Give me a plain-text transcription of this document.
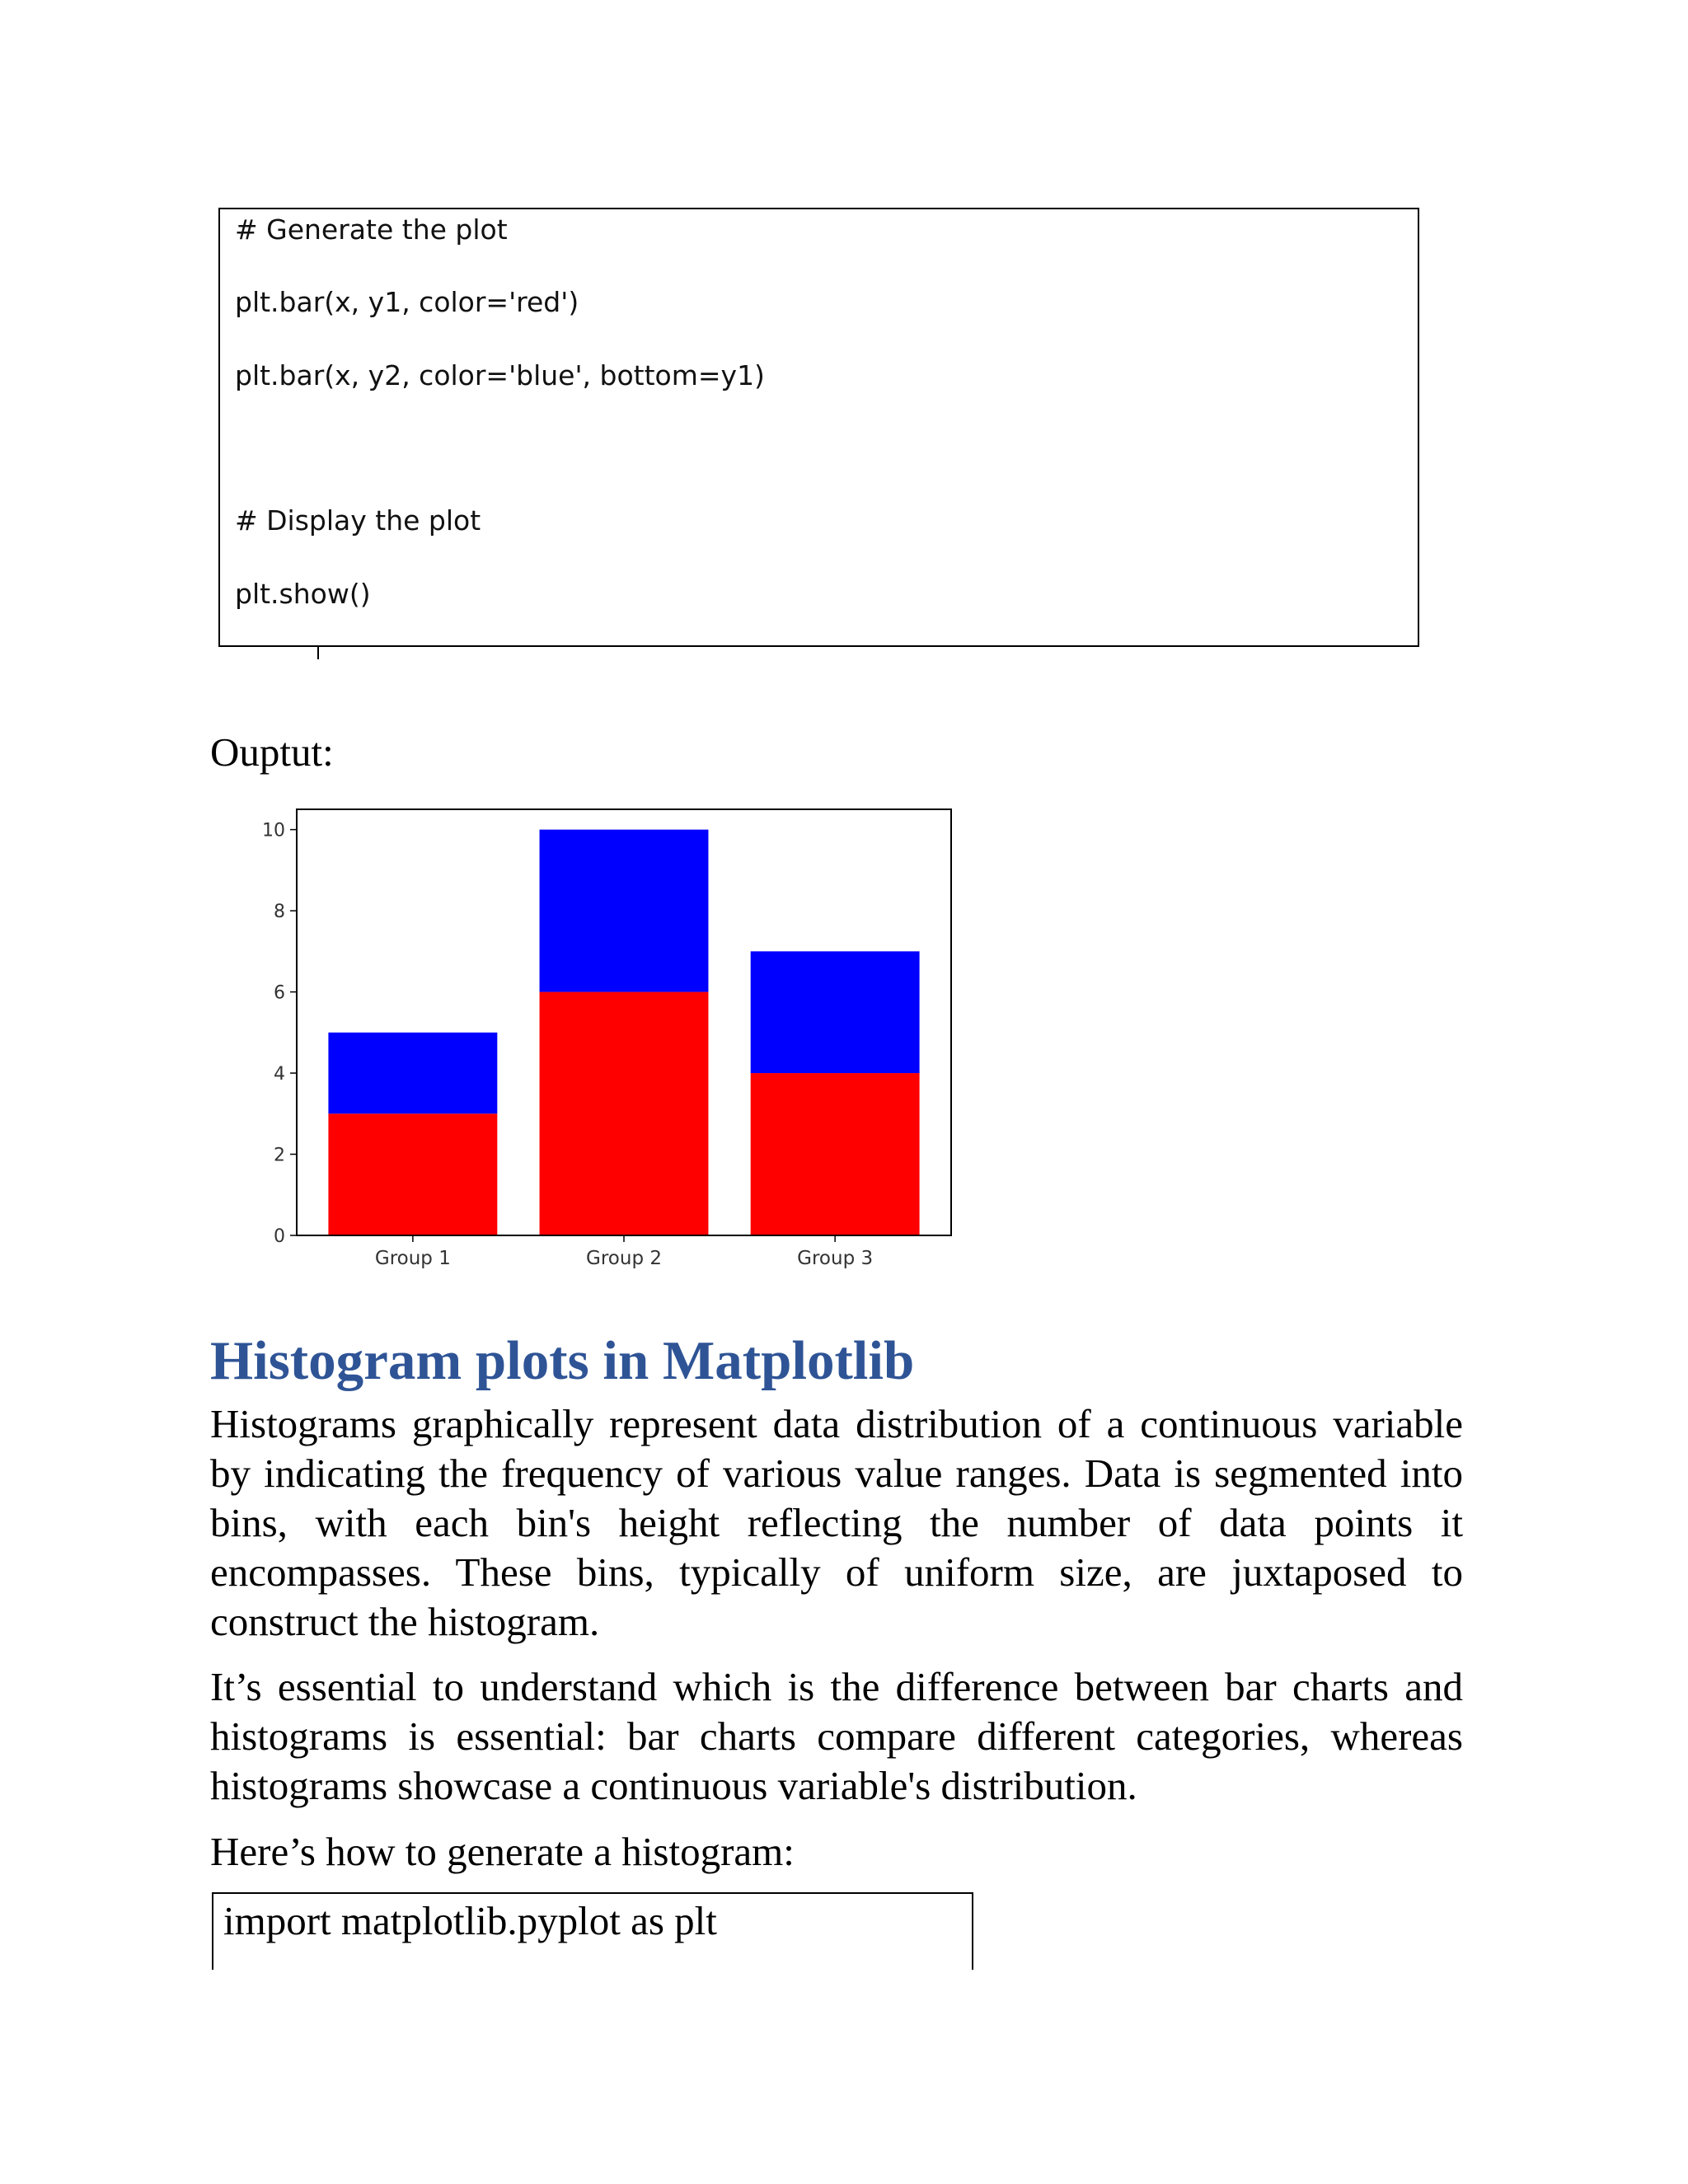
# Generate the plot
plt.bar(x, y1, color='red')
plt.bar(x, y2, color='blue', bottom=y1)
# Display the plot
plt.show()
Ouptut:
0
2
4
6
8
10
Group 1	Group 2	Group 3
Histogram plots in Matplotlib

Histograms graphically represent data distribution of a continuous variable by indicating the frequency of various value ranges. Data is segmented into bins, with each bin's height reflecting the number of data points it encompasses. These bins, typically of uniform size, are juxtaposed to construct the histogram.

It’s essential to understand which is the difference between bar charts and histograms is essential: bar charts compare different categories, whereas histograms showcase a continuous variable's distribution.

Here’s how to generate a histogram:

import matplotlib.pyplot as plt
